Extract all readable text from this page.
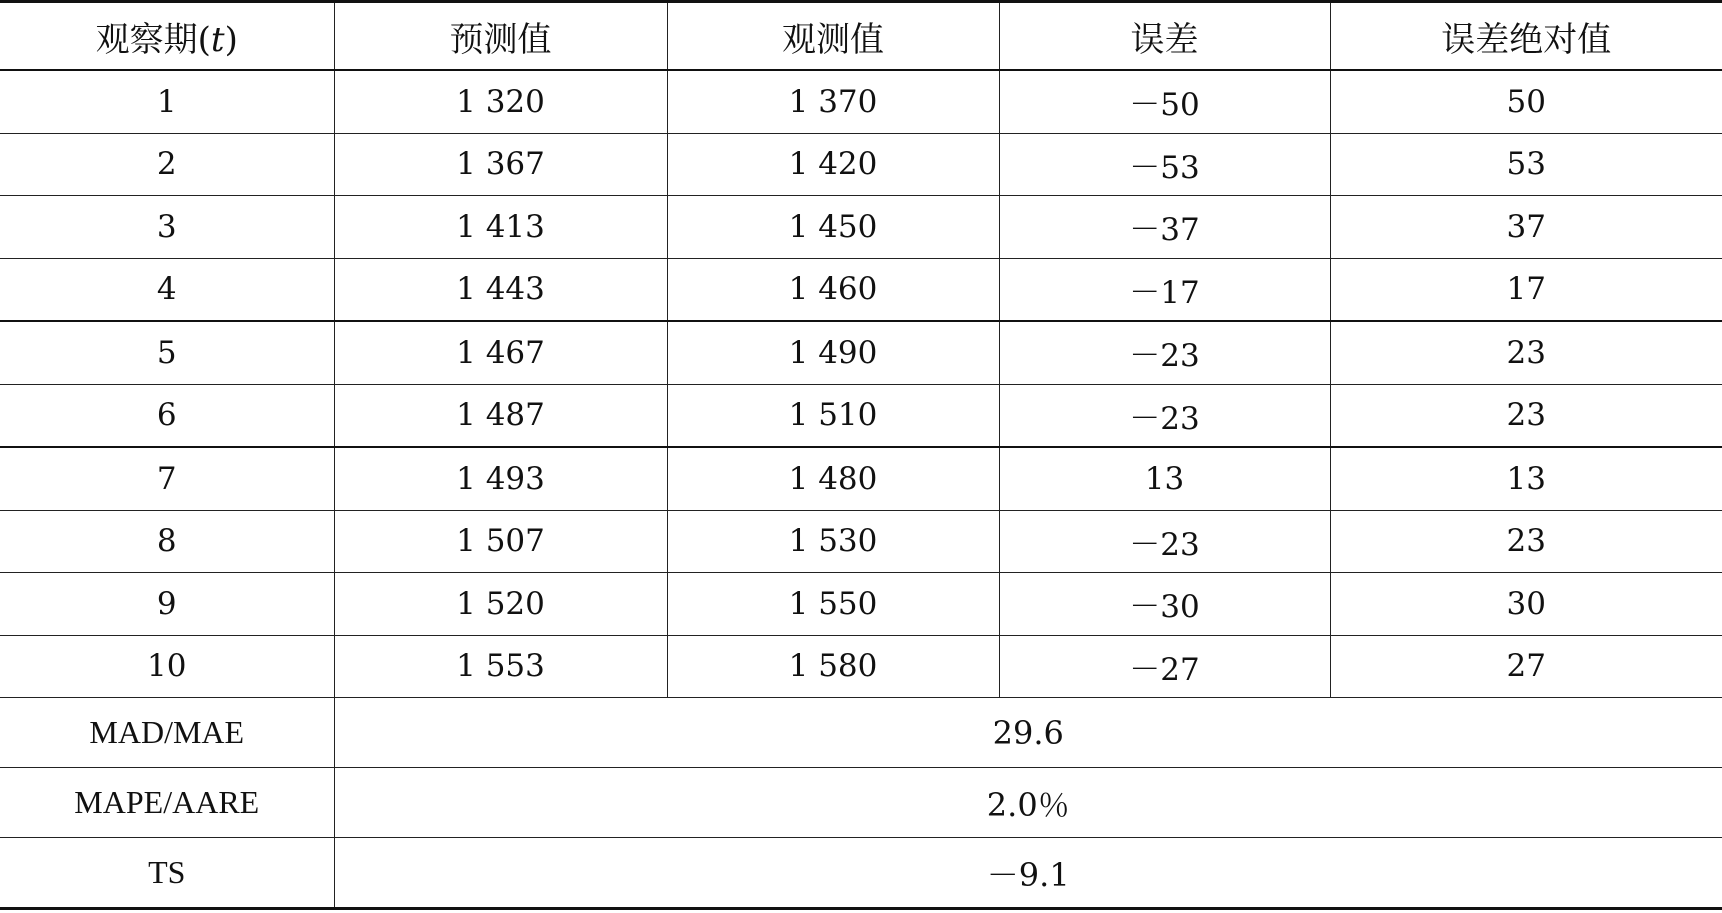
观察期(t)	预测值	观测值	误差	误差绝对值
1	1 320	1 370	－50	50
2	1 367	1 420	－53	53
3	1 413	1 450	－37	37
4	1 443	1 460	－17	17
5	1 467	1 490	－23	23
6	1 487	1 510	－23	23
7	1 493	1 480	13	13
8	1 507	1 530	－23	23
9	1 520	1 550	－30	30
10	1 553	1 580	－27	27
MAD/MAE	29.6			
MAPE/AARE	2.0％			
TS	－9.1			
